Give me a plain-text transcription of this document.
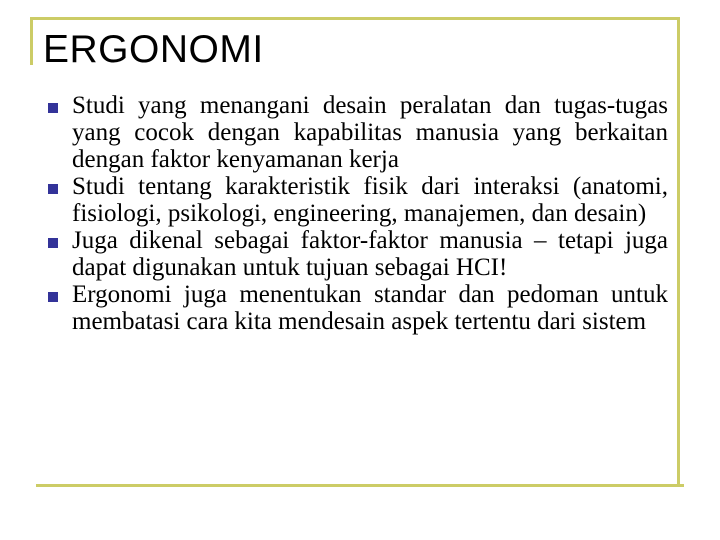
ERGONOMI
Studi yang menangani desain peralatan dan tugas-tugas yang cocok dengan kapabilitas manusia yang berkaitan dengan faktor kenyamanan kerja
Studi tentang karakteristik fisik dari interaksi (anatomi, fisiologi, psikologi, engineering, manajemen, dan desain)
Juga dikenal sebagai faktor-faktor manusia – tetapi juga dapat digunakan untuk tujuan sebagai HCI!
Ergonomi juga menentukan standar dan pedoman untuk membatasi cara kita mendesain aspek tertentu dari sistem
